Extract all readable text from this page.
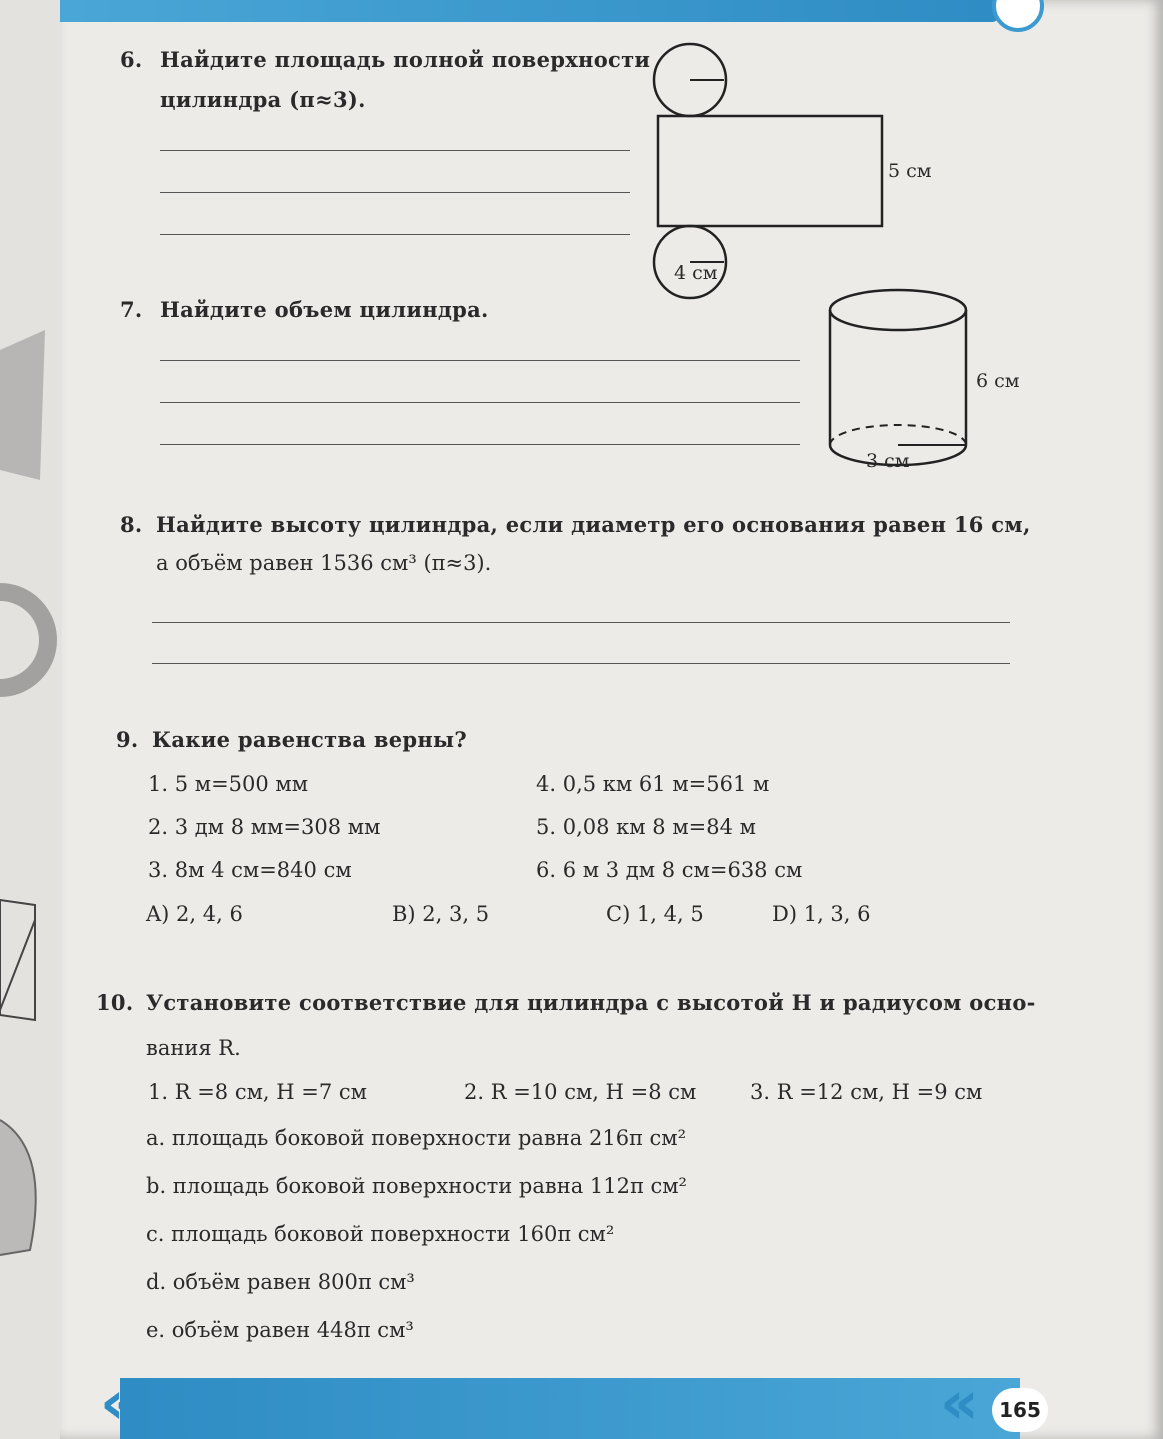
6. Найдите площадь полной поверхности
цилиндра (π≈3).
5 см
4 см
7. Найдите объем цилиндра.
6 см
3 см
8. Найдите высоту цилиндра, если диаметр его основания равен 16 см,
а объём равен 1536 см³ (π≈3).
9. Какие равенства верны?
1. 5 м=500 мм
2. 3 дм 8 мм=308 мм
3. 8м 4 см=840 см
4. 0,5 км 61 м=561 м
5. 0,08 км 8 м=84 м
6. 6 м 3 дм 8 см=638 см
A) 2, 4, 6	B) 2, 3, 5	C) 1, 4, 5	D) 1, 3, 6
10. Установите соответствие для цилиндра с высотой H и радиусом осно-
вания R.
1. R =8 см, H =7 см	2. R =10 см, H =8 см	3. R =12 см, H =9 см
a. площадь боковой поверхности равна 216π см²
b. площадь боковой поверхности равна 112π см²
c. площадь боковой поверхности 160π см²
d. объём равен 800π см³
e. объём равен 448π см³
«	«	165
